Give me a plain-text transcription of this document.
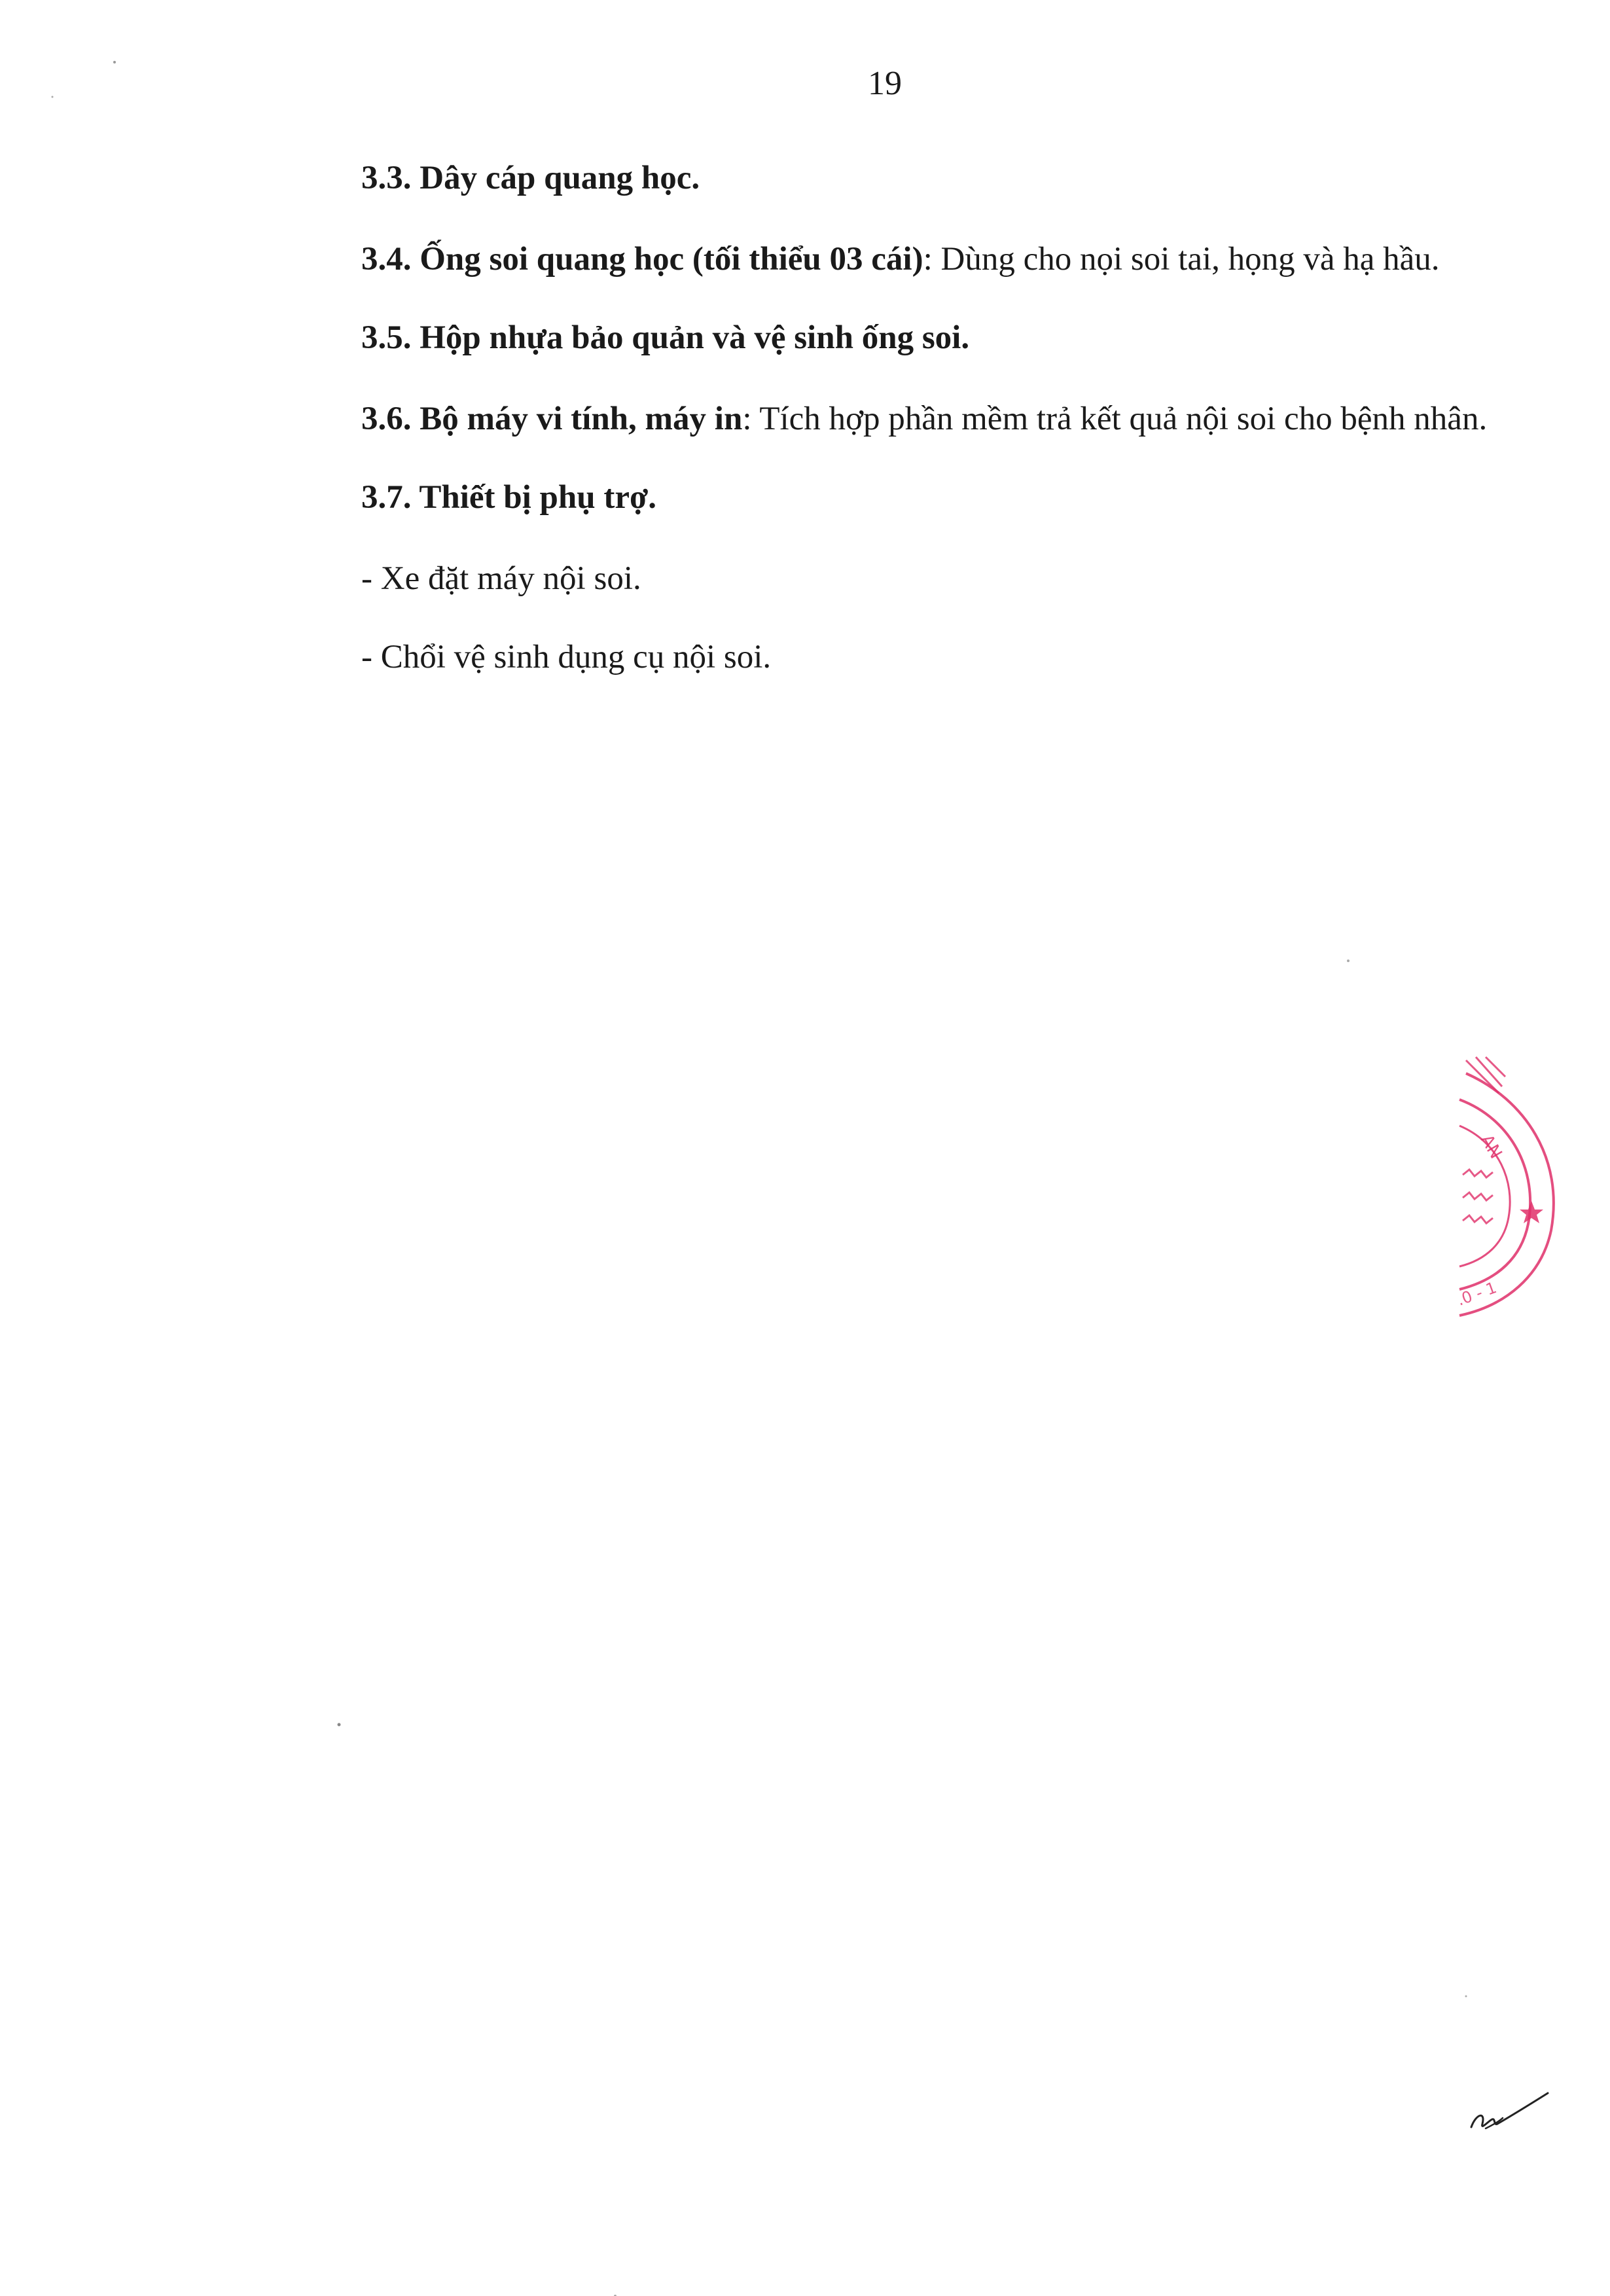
19

3.3. Dây cáp quang học.

3.4. Ống soi quang học (tối thiểu 03 cái): Dùng cho nọi soi tai, họng và hạ hầu.

3.5. Hộp nhựa bảo quản và vệ sinh ống soi.

3.6. Bộ máy vi tính, máy in: Tích hợp phần mềm trả kết quả nội soi cho bệnh nhân.

3.7. Thiết bị phụ trợ.

- Xe đặt máy nội soi.

- Chổi vệ sinh dụng cụ nội soi.

AN
.0 - 1
